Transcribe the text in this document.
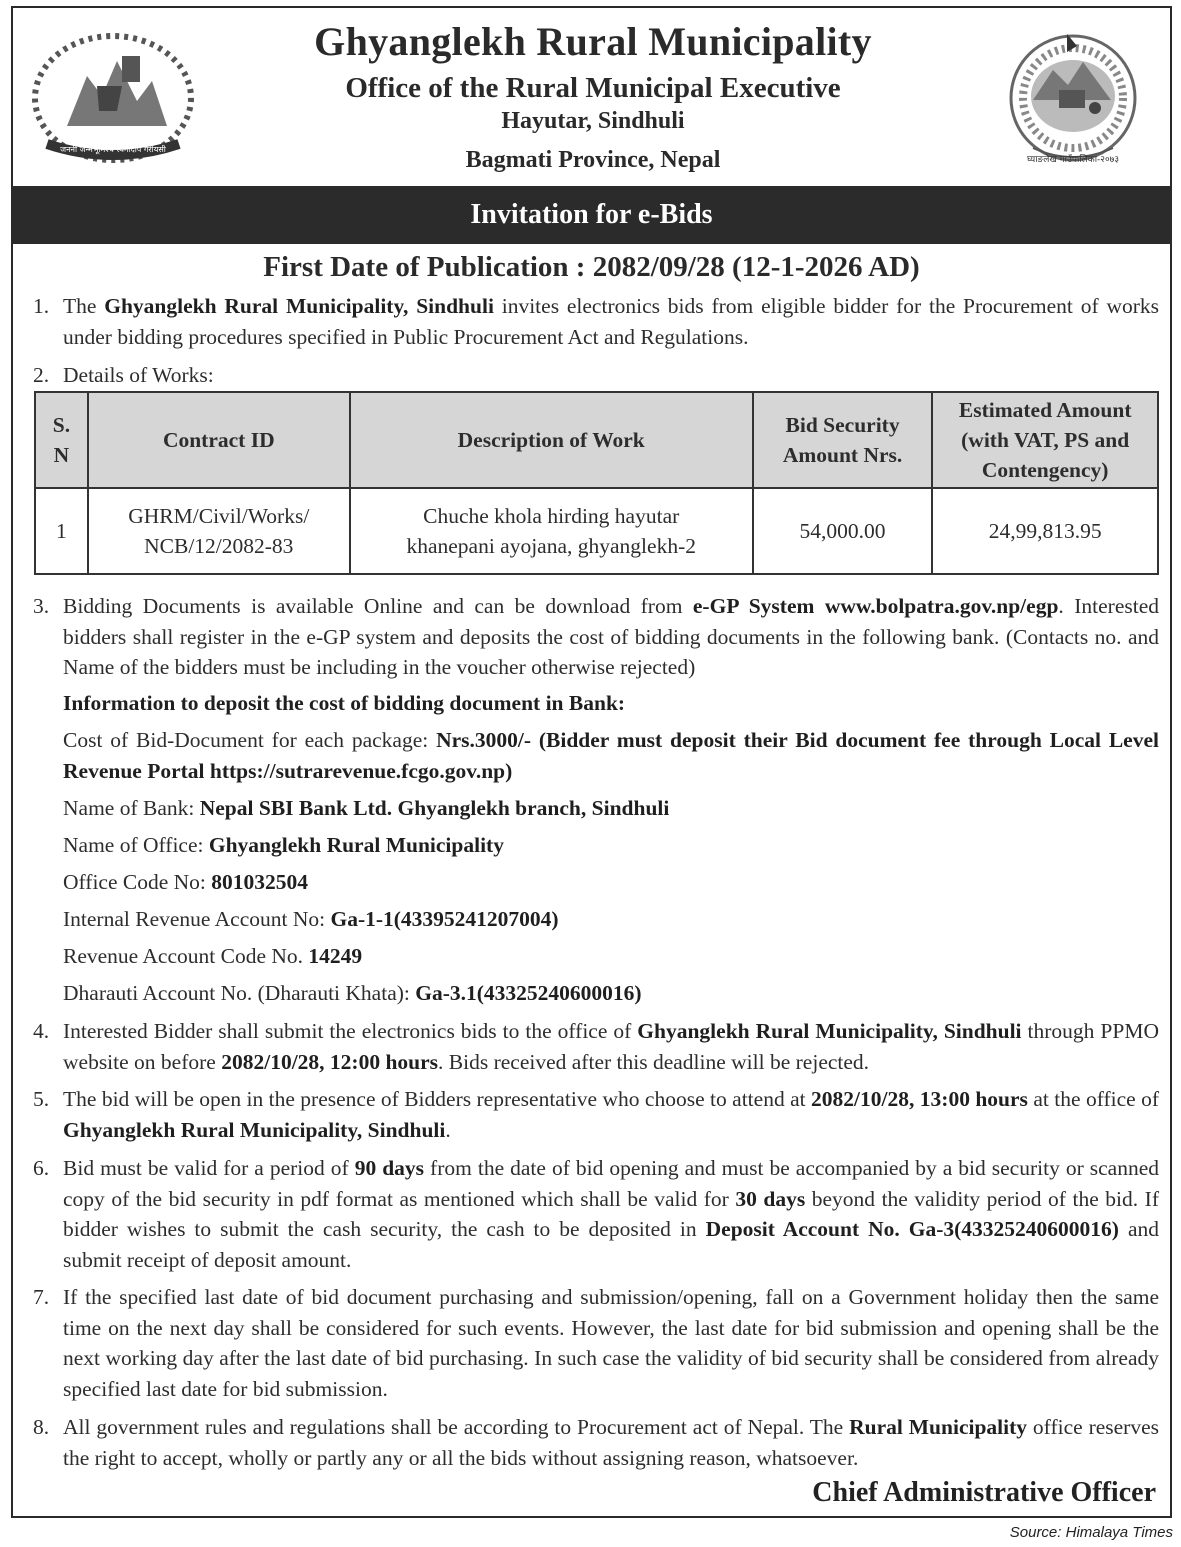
जननी जन्मभूमिश्च स्वर्गादपि गरीयसी
Ghyanglekh Rural Municipality
Office of the Rural Municipal Executive
Hayutar, Sindhuli
Bagmati Province, Nepal	घ्याङलेख गाउँपालिका-२०७३
Invitation for e-Bids
First Date of Publication : 2082/09/28 (12-1-2026 AD)
1. The Ghyanglekh Rural Municipality, Sindhuli invites electronics bids from eligible bidder for the Procurement of works under bidding procedures specified in Public Procurement Act and Regulations.
2. Details of Works:
S.
N	Contract ID	Description of Work	Bid Security Amount Nrs.	Estimated Amount (with VAT, PS and Contengency)
1	GHRM/Civil/Works/ NCB/12/2082-83	Chuche khola hirding hayutar khanepani ayojana, ghyanglekh-2	54,000.00	24,99,813.95
3. Bidding Documents is available Online and can be download from e-GP System www.bolpatra.gov.np/egp. Interested bidders shall register in the e-GP system and deposits the cost of bidding documents in the following bank. (Contacts no. and Name of the bidders must be including in the voucher otherwise rejected)
Information to deposit the cost of bidding document in Bank:
Cost of Bid-Document for each package: Nrs.3000/- (Bidder must deposit their Bid document fee through Local Level Revenue Portal https://sutrarevenue.fcgo.gov.np)
Name of Bank: Nepal SBI Bank Ltd. Ghyanglekh branch, Sindhuli
Name of Office: Ghyanglekh Rural Municipality
Office Code No: 801032504
Internal Revenue Account No: Ga-1-1(43395241207004)
Revenue Account Code No. 14249
Dharauti Account No. (Dharauti Khata): Ga-3.1(43325240600016)
4. Interested Bidder shall submit the electronics bids to the office of Ghyanglekh Rural Municipality, Sindhuli through PPMO website on before 2082/10/28, 12:00 hours. Bids received after this deadline will be rejected.
5. The bid will be open in the presence of Bidders representative who choose to attend at 2082/10/28, 13:00 hours at the office of Ghyanglekh Rural Municipality, Sindhuli.
6. Bid must be valid for a period of 90 days from the date of bid opening and must be accompanied by a bid security or scanned copy of the bid security in pdf format as mentioned which shall be valid for 30 days beyond the validity period of the bid. If bidder wishes to submit the cash security, the cash to be deposited in Deposit Account No. Ga-3(43325240600016) and submit receipt of deposit amount.
7. If the specified last date of bid document purchasing and submission/opening, fall on a Government holiday then the same time on the next day shall be considered for such events. However, the last date for bid submission and opening shall be the next working day after the last date of bid purchasing. In such case the validity of bid security shall be considered from already specified last date for bid submission.
8. All government rules and regulations shall be according to Procurement act of Nepal. The Rural Municipality office reserves the right to accept, wholly or partly any or all the bids without assigning reason, whatsoever.
Chief Administrative Officer
Source: Himalaya Times
